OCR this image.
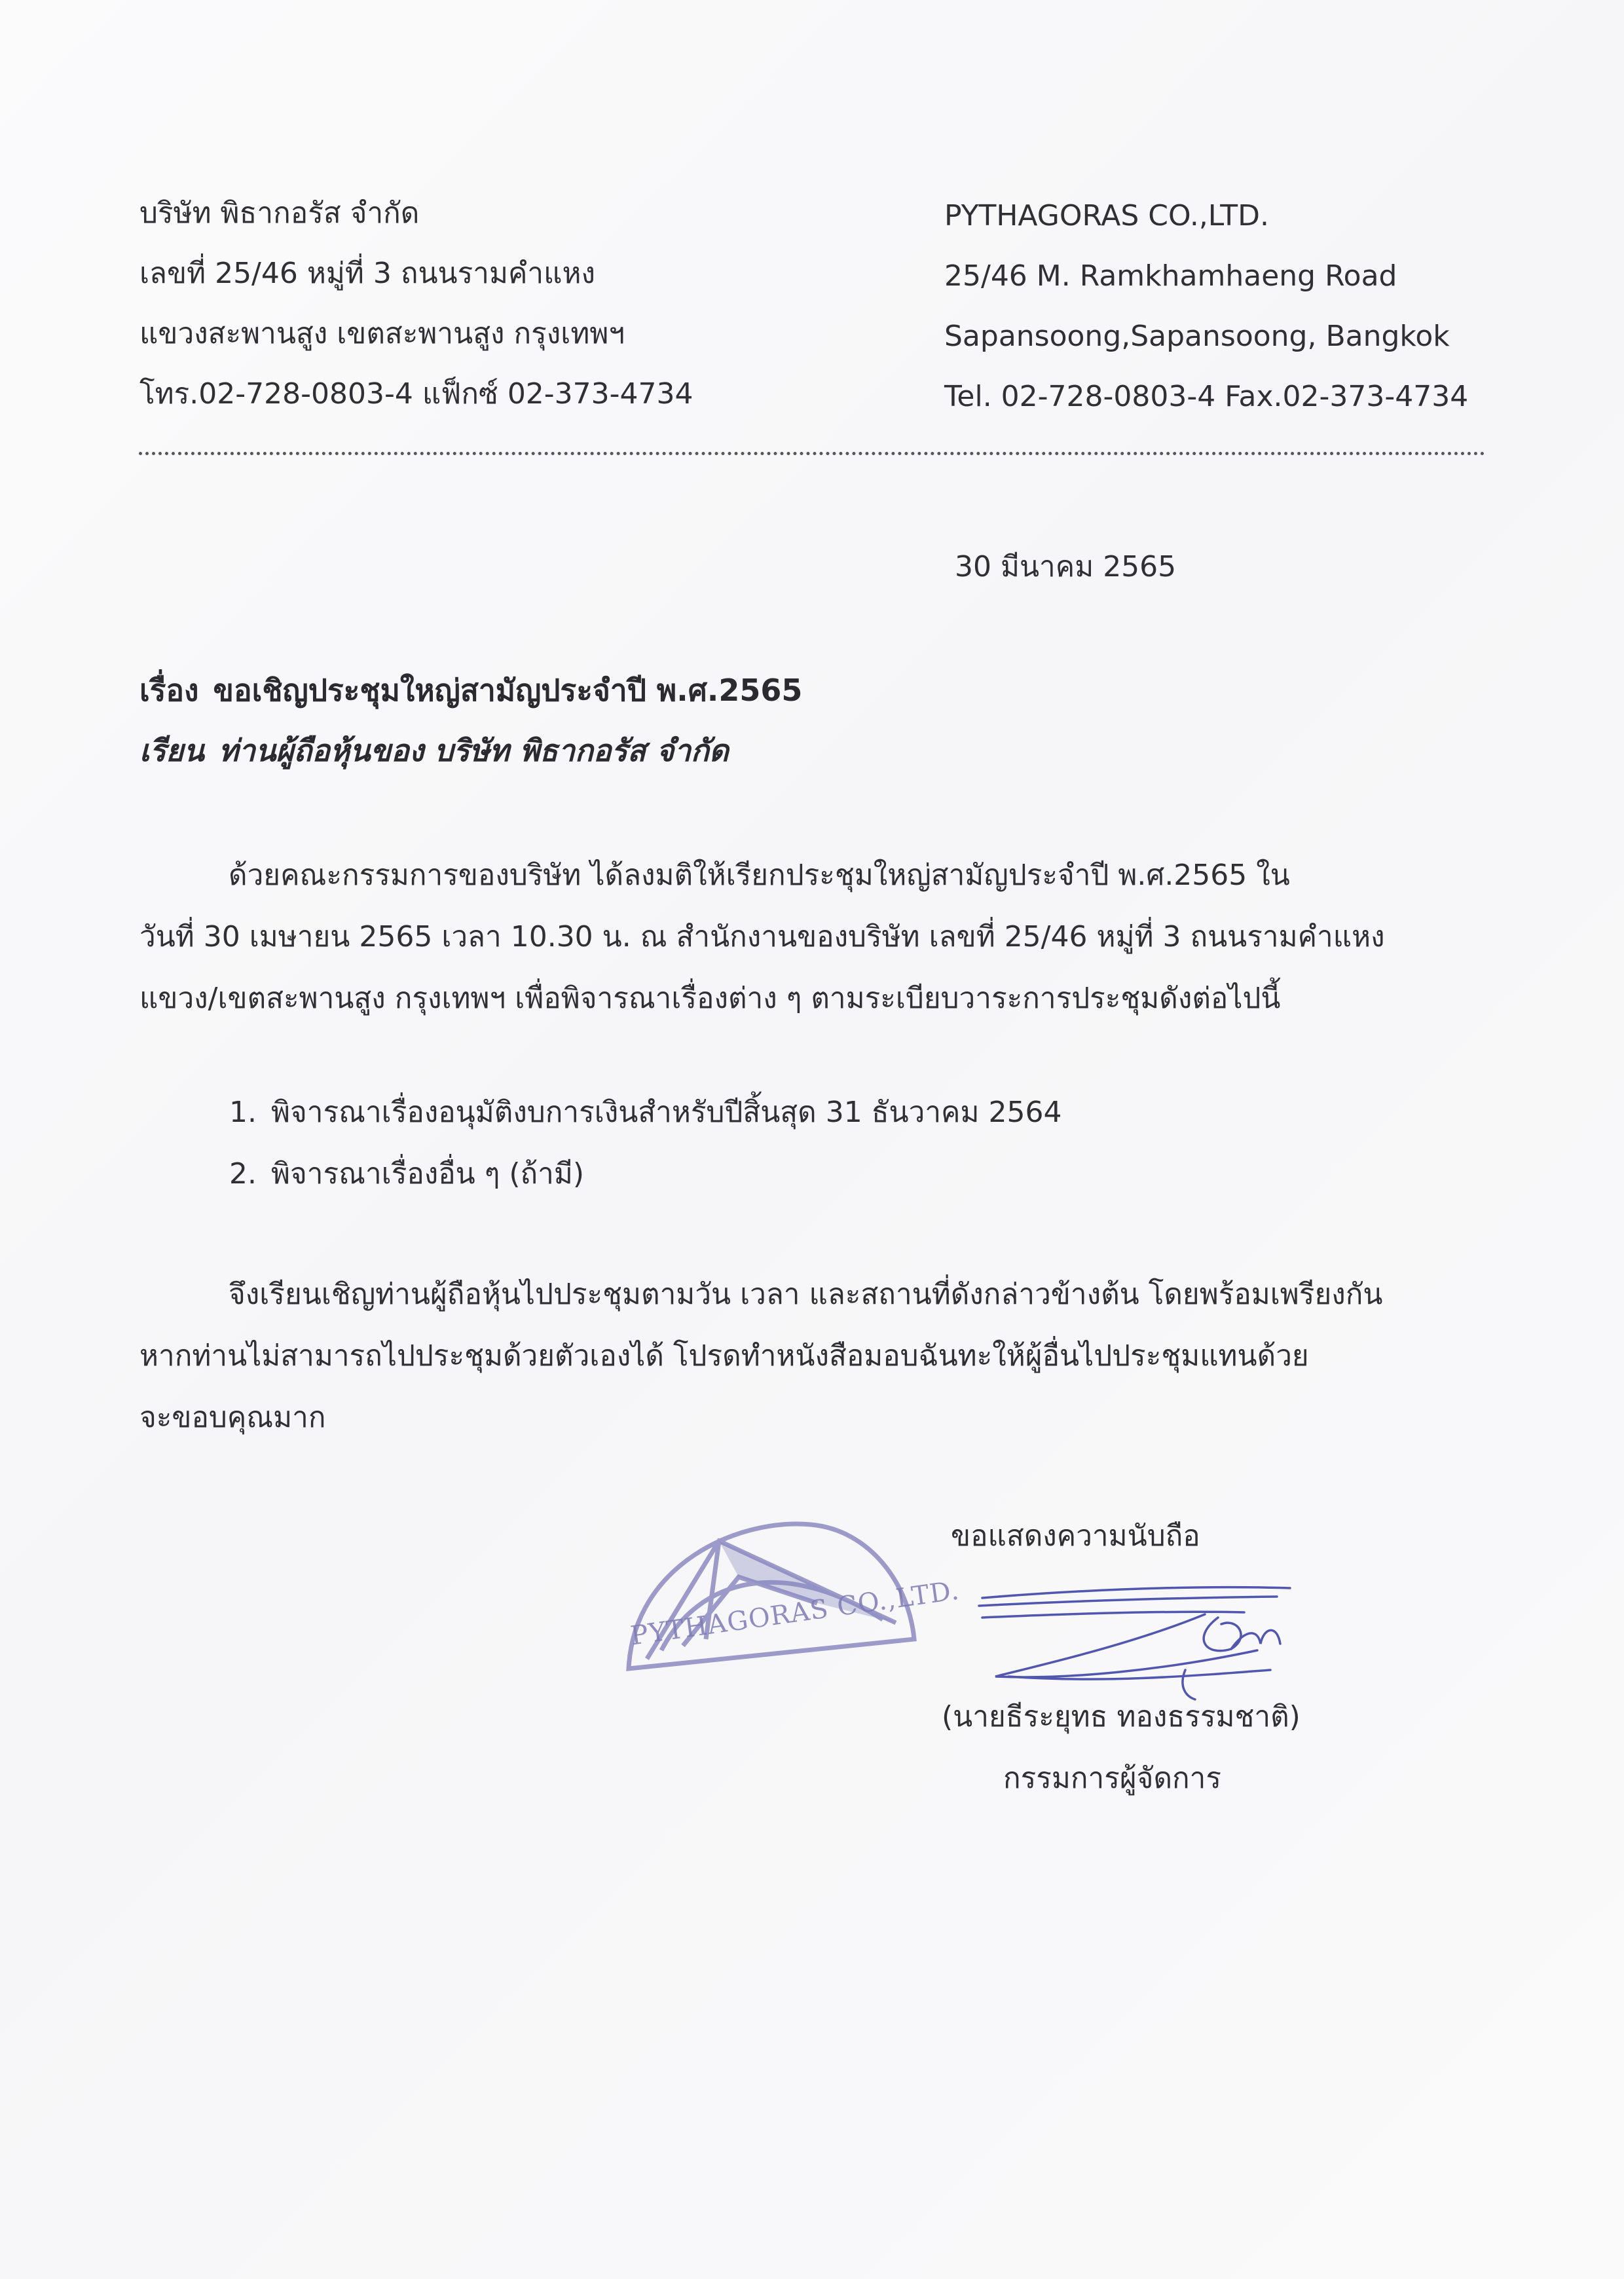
บริษัท พิธากอรัส จำกัด
เลขที่ 25/46 หมู่ที่ 3 ถนนรามคำแหง
แขวงสะพานสูง เขตสะพานสูง กรุงเทพฯ
โทร.02-728-0803-4 แฟ็กซ์ 02-373-4734
PYTHAGORAS CO.,LTD.
25/46 M. Ramkhamhaeng Road
Sapansoong,Sapansoong, Bangkok
Tel. 02-728-0803-4 Fax.02-373-4734
30 มีนาคม 2565
เรื่อง ขอเชิญประชุมใหญ่สามัญประจำปี พ.ศ.2565
เรียน ท่านผู้ถือหุ้นของ บริษัท พิธากอรัส จำกัด
ด้วยคณะกรรมการของบริษัท ได้ลงมติให้เรียกประชุมใหญ่สามัญประจำปี พ.ศ.2565 ใน
วันที่ 30 เมษายน 2565 เวลา 10.30 น. ณ สำนักงานของบริษัท เลขที่ 25/46 หมู่ที่ 3 ถนนรามคำแหง
แขวง/เขตสะพานสูง กรุงเทพฯ เพื่อพิจารณาเรื่องต่าง ๆ ตามระเบียบวาระการประชุมดังต่อไปนี้
1. พิจารณาเรื่องอนุมัติงบการเงินสำหรับปีสิ้นสุด 31 ธันวาคม 2564
2. พิจารณาเรื่องอื่น ๆ (ถ้ามี)
จึงเรียนเชิญท่านผู้ถือหุ้นไปประชุมตามวัน เวลา และสถานที่ดังกล่าวข้างต้น โดยพร้อมเพรียงกัน
หากท่านไม่สามารถไปประชุมด้วยตัวเองได้ โปรดทำหนังสือมอบฉันทะให้ผู้อื่นไปประชุมแทนด้วย
จะขอบคุณมาก
ขอแสดงความนับถือ
PYTHAGORAS CO.,LTD.
(นายธีระยุทธ ทองธรรมชาติ)
กรรมการผู้จัดการ
